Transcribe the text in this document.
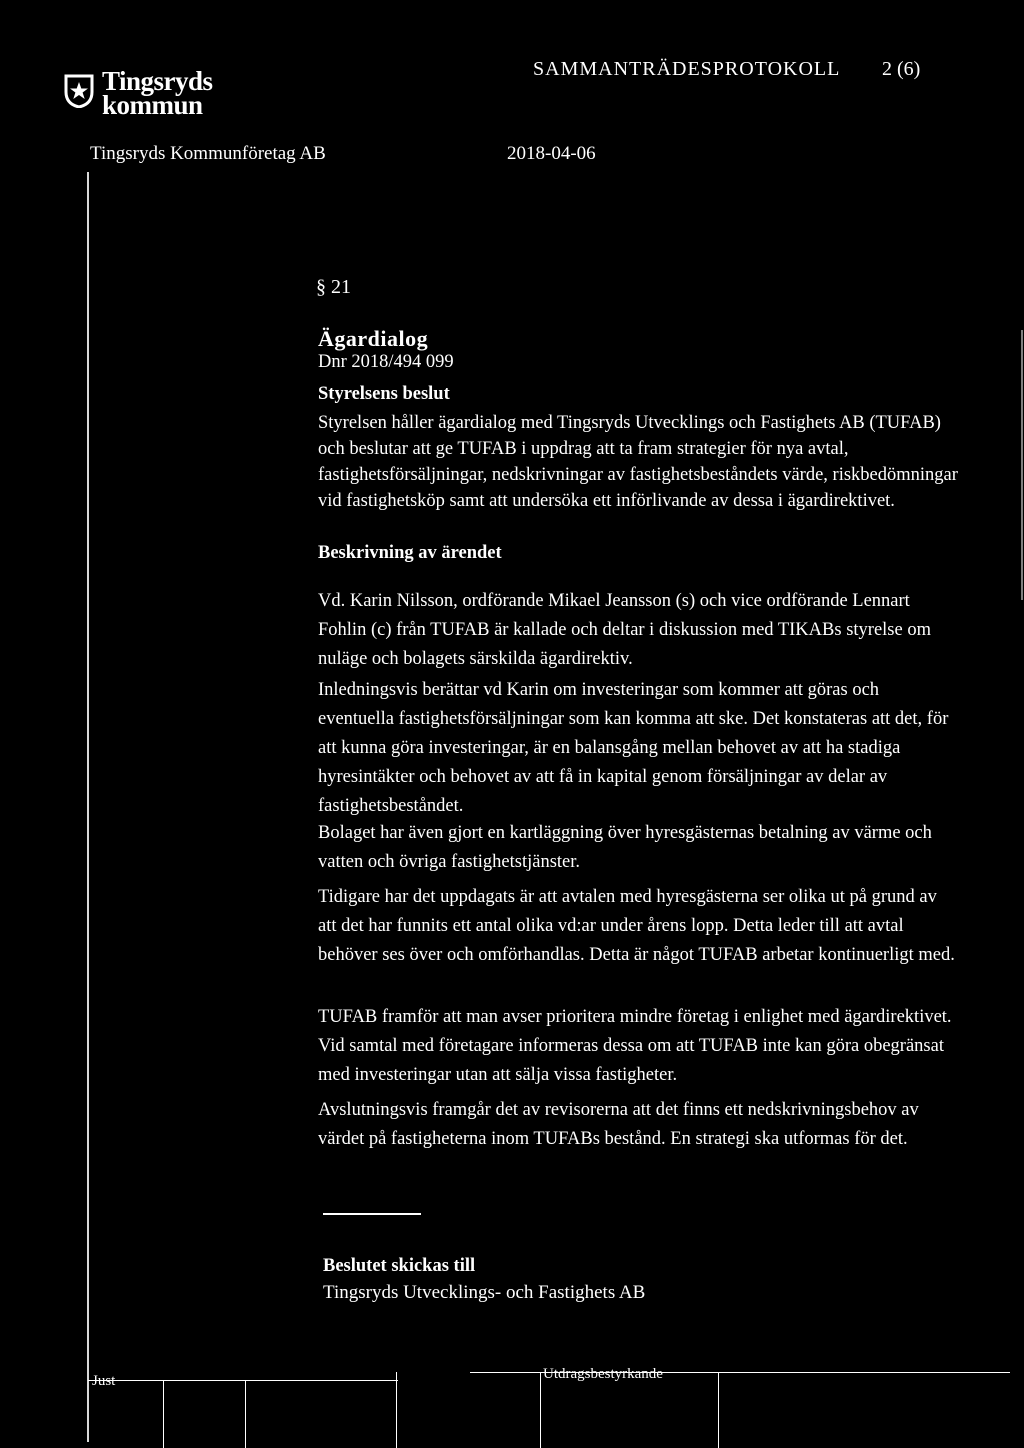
Tingsryds
kommun
SAMMANTRÄDESPROTOKOLL 2 (6)
Tingsryds Kommunföretag AB	2018-04-06
§ 21
Ägardialog
Dnr 2018/494 099
Styrelsens beslut

Styrelsen håller ägardialog med Tingsryds Utvecklings och Fastighets AB (TUFAB) och beslutar att ge TUFAB i uppdrag att ta fram strategier för nya avtal, fastighetsförsäljningar, nedskrivningar av fastighetsbeståndets värde, riskbedömningar vid fastighetsköp samt att undersöka ett införlivande av dessa i ägardirektivet.

Beskrivning av ärendet

Vd. Karin Nilsson, ordförande Mikael Jeansson (s) och vice ordförande Lennart Fohlin (c) från TUFAB är kallade och deltar i diskussion med TIKABs styrelse om nuläge och bolagets särskilda ägardirektiv.

Inledningsvis berättar vd Karin om investeringar som kommer att göras och eventuella fastighetsförsäljningar som kan komma att ske. Det konstateras att det, för att kunna göra investeringar, är en balansgång mellan behovet av att ha stadiga hyresintäkter och behovet av att få in kapital genom försäljningar av delar av fastighetsbeståndet.

Bolaget har även gjort en kartläggning över hyresgästernas betalning av värme och vatten och övriga fastighetstjänster.

Tidigare har det uppdagats är att avtalen med hyresgästerna ser olika ut på grund av att det har funnits ett antal olika vd:ar under årens lopp. Detta leder till att avtal behöver ses över och omförhandlas. Detta är något TUFAB arbetar kontinuerligt med.

TUFAB framför att man avser prioritera mindre företag i enlighet med ägardirektivet. Vid samtal med företagare informeras dessa om att TUFAB inte kan göra obegränsat med investeringar utan att sälja vissa fastigheter.

Avslutningsvis framgår det av revisorerna att det finns ett nedskrivningsbehov av värdet på fastigheterna inom TUFABs bestånd. En strategi ska utformas för det.

Beslutet skickas till
Tingsryds Utvecklings- och Fastighets AB
Just	Utdragsbestyrkande
